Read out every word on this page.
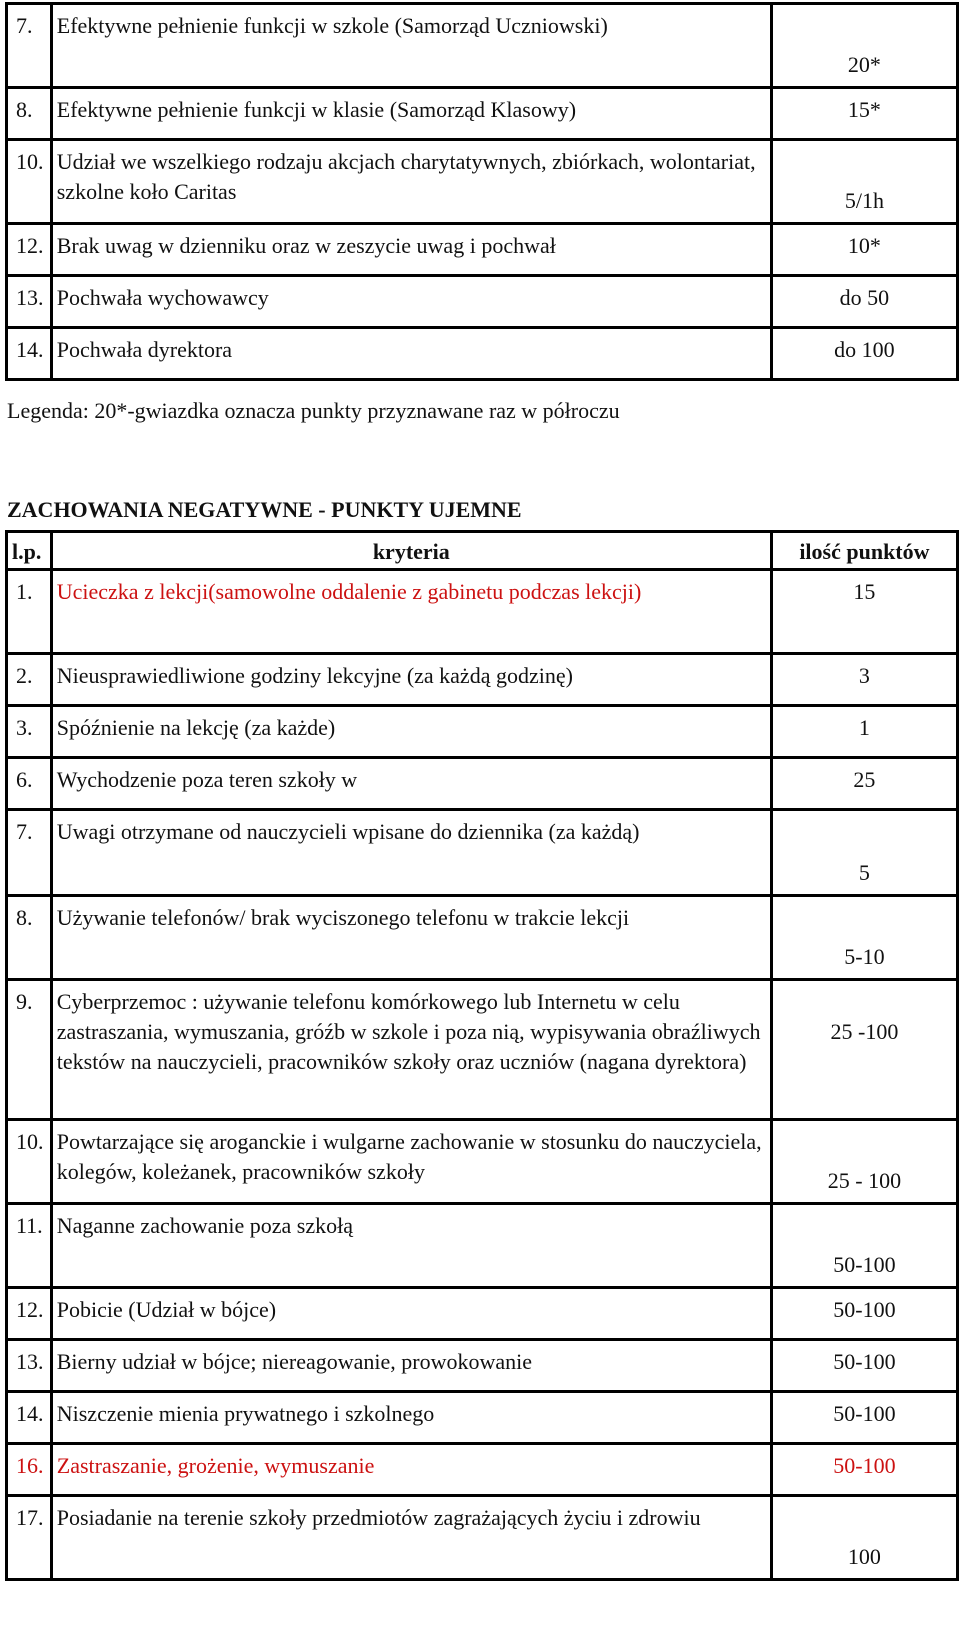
7.	Efektywne pełnienie funkcji w szkole (Samorząd Uczniowski)	20*
8.	Efektywne pełnienie funkcji w klasie (Samorząd Klasowy)	15*
10.	Udział we wszelkiego rodzaju akcjach charytatywnych, zbiórkach, wolontariat, szkolne koło Caritas	5/1h
12.	Brak uwag w dzienniku oraz w zeszycie uwag i pochwał	10*
13.	Pochwała wychowawcy	do 50
14.	Pochwała dyrektora	do 100

Legenda: 20*-gwiazdka oznacza punkty przyznawane raz w półroczu

ZACHOWANIA NEGATYWNE - PUNKTY UJEMNE
l.p.	kryteria	ilość punktów
1.	Ucieczka z lekcji(samowolne oddalenie z gabinetu podczas lekcji)	15
2.	Nieusprawiedliwione godziny lekcyjne (za każdą godzinę)	3
3.	Spóźnienie na lekcję (za każde)	1
6.	Wychodzenie poza teren szkoły w	25
7.	Uwagi otrzymane od nauczycieli wpisane do dziennika (za każdą)	5
8.	Używanie telefonów/ brak wyciszonego telefonu w trakcie lekcji	5-10
9.	Cyberprzemoc : używanie telefonu komórkowego lub Internetu w celu zastraszania, wymuszania, gróźb w szkole i poza nią, wypisywania obraźliwych tekstów na nauczycieli, pracowników szkoły oraz uczniów (nagana dyrektora)	25 -100
10.	Powtarzające się aroganckie i wulgarne zachowanie w stosunku do nauczyciela, kolegów, koleżanek, pracowników szkoły	25 - 100
11.	Naganne zachowanie poza szkołą	50-100
12.	Pobicie (Udział w bójce)	50-100
13.	Bierny udział w bójce; niereagowanie, prowokowanie	50-100
14.	Niszczenie mienia prywatnego i szkolnego	50-100
16.	Zastraszanie, grożenie, wymuszanie	50-100
17.	Posiadanie na terenie szkoły przedmiotów zagrażających życiu i zdrowiu	100
